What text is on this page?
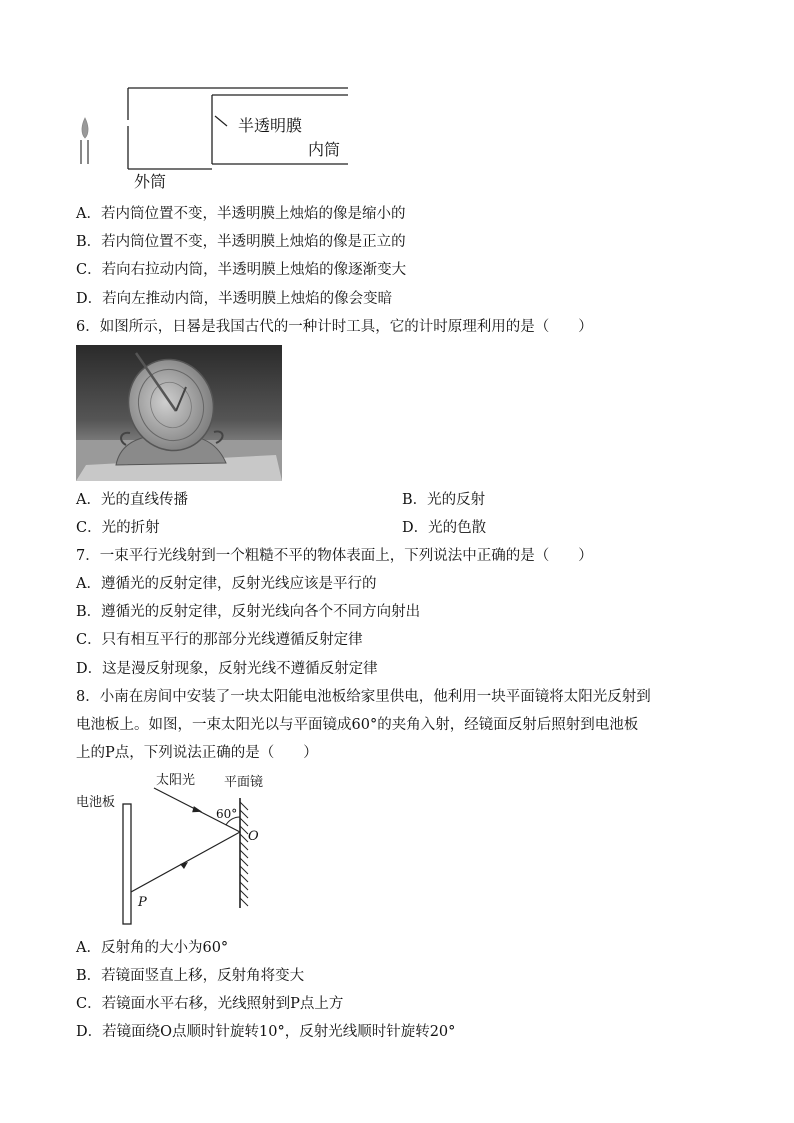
半透明膜
内筒
外筒
A．若内筒位置不变，半透明膜上烛焰的像是缩小的
B．若内筒位置不变，半透明膜上烛焰的像是正立的
C．若向右拉动内筒，半透明膜上烛焰的像逐渐变大
D．若向左推动内筒，半透明膜上烛焰的像会变暗
6．如图所示，日晷是我国古代的一种计时工具，它的计时原理利用的是（　　）
A．光的直线传播	B．光的反射
C．光的折射	D．光的色散
7．一束平行光线射到一个粗糙不平的物体表面上，下列说法中正确的是（　　）
A．遵循光的反射定律，反射光线应该是平行的
B．遵循光的反射定律，反射光线向各个不同方向射出
C．只有相互平行的那部分光线遵循反射定律
D．这是漫反射现象，反射光线不遵循反射定律
8．小南在房间中安装了一块太阳能电池板给家里供电，他利用一块平面镜将太阳光反射到
电池板上。如图，一束太阳光以与平面镜成60°的夹角入射，经镜面反射后照射到电池板
上的P点，下列说法正确的是（　　）
太阳光 平面镜
电池板
60°
O
P
A．反射角的大小为60°
B．若镜面竖直上移，反射角将变大
C．若镜面水平右移，光线照射到P点上方
D．若镜面绕O点顺时针旋转10°，反射光线顺时针旋转20°
